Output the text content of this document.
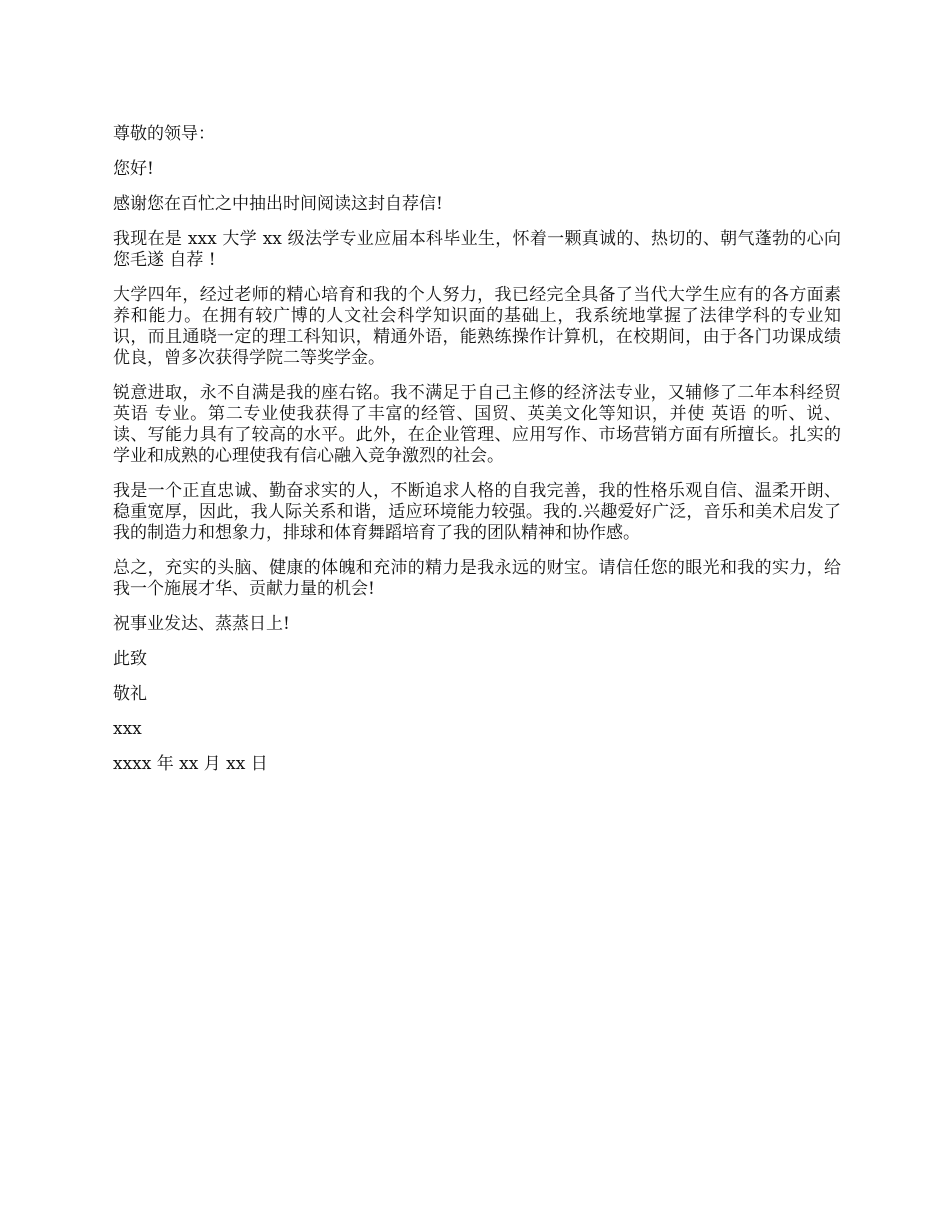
尊敬的领导：

您好!

感谢您在百忙之中抽出时间阅读这封自荐信!

我现在是 xxx 大学 xx 级法学专业应届本科毕业生，怀着一颗真诚的、热切的、朝气蓬勃的心向您毛遂 自荐 !

大学四年，经过老师的精心培育和我的个人努力，我已经完全具备了当代大学生应有的各方面素养和能力。在拥有较广博的人文社会科学知识面的基础上，我系统地掌握了法律学科的专业知识，而且通晓一定的理工科知识，精通外语，能熟练操作计算机，在校期间，由于各门功课成绩优良，曾多次获得学院二等奖学金。

锐意进取，永不自满是我的座右铭。我不满足于自己主修的经济法专业，又辅修了二年本科经贸 英语 专业。第二专业使我获得了丰富的经管、国贸、英美文化等知识，并使 英语 的听、说、读、写能力具有了较高的水平。此外，在企业管理、应用写作、市场营销方面有所擅长。扎实的学业和成熟的心理使我有信心融入竞争激烈的社会。

我是一个正直忠诚、勤奋求实的人，不断追求人格的自我完善，我的性格乐观自信、温柔开朗、稳重宽厚，因此，我人际关系和谐，适应环境能力较强。我的.兴趣爱好广泛，音乐和美术启发了我的制造力和想象力，排球和体育舞蹈培育了我的团队精神和协作感。

总之，充实的头脑、健康的体魄和充沛的精力是我永远的财宝。请信任您的眼光和我的实力，给我一个施展才华、贡献力量的机会!

祝事业发达、蒸蒸日上!

此致

敬礼

xxx

xxxx 年 xx 月 xx 日
